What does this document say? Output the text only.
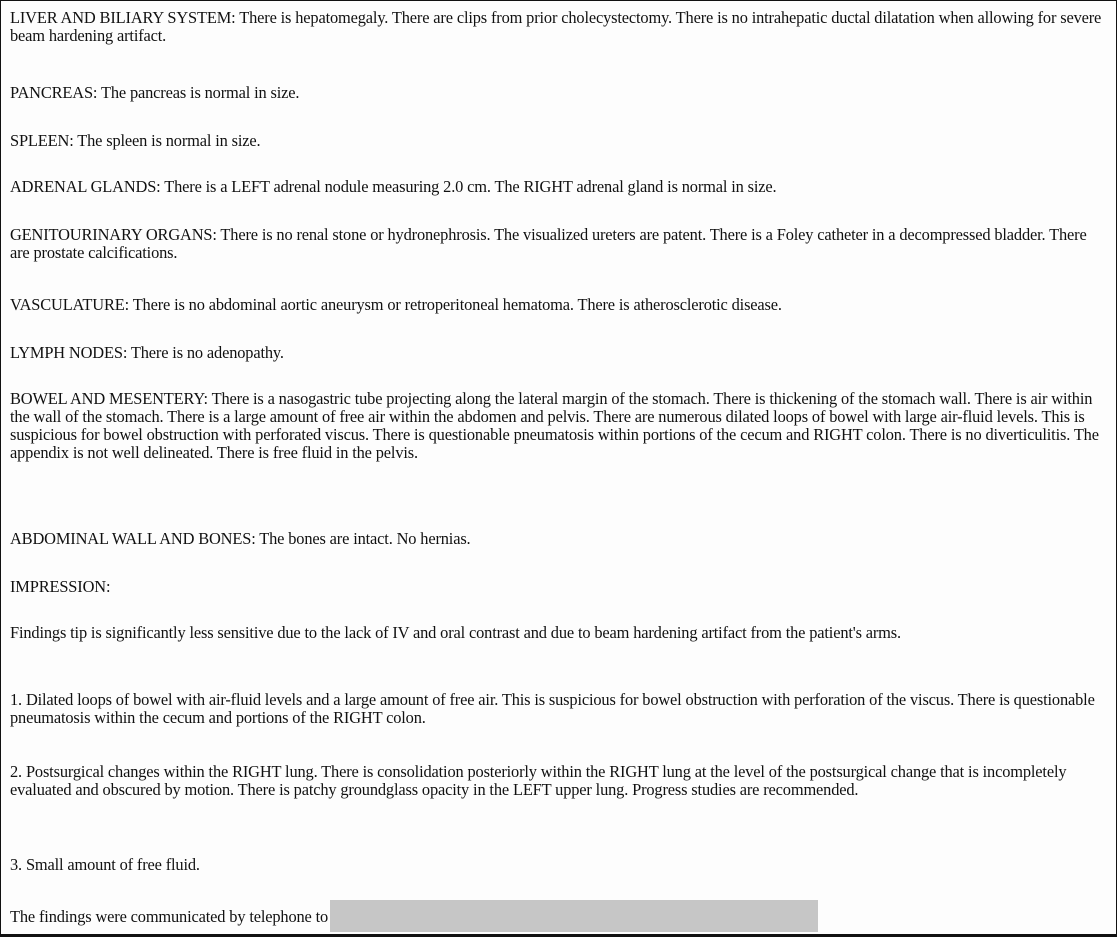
LIVER AND BILIARY SYSTEM: There is hepatomegaly. There are clips from prior cholecystectomy. There is no intrahepatic ductal dilatation when allowing for severe beam hardening artifact.

PANCREAS: The pancreas is normal in size.

SPLEEN: The spleen is normal in size.

ADRENAL GLANDS: There is a LEFT adrenal nodule measuring 2.0 cm. The RIGHT adrenal gland is normal in size.

GENITOURINARY ORGANS: There is no renal stone or hydronephrosis. The visualized ureters are patent. There is a Foley catheter in a decompressed bladder. There are prostate calcifications.

VASCULATURE: There is no abdominal aortic aneurysm or retroperitoneal hematoma. There is atherosclerotic disease.

LYMPH NODES: There is no adenopathy.

BOWEL AND MESENTERY: There is a nasogastric tube projecting along the lateral margin of the stomach. There is thickening of the stomach wall. There is air within the wall of the stomach. There is a large amount of free air within the abdomen and pelvis. There are numerous dilated loops of bowel with large air-fluid levels. This is suspicious for bowel obstruction with perforated viscus. There is questionable pneumatosis within portions of the cecum and RIGHT colon. There is no diverticulitis. The appendix is not well delineated. There is free fluid in the pelvis.

ABDOMINAL WALL AND BONES: The bones are intact. No hernias.

IMPRESSION:

Findings tip is significantly less sensitive due to the lack of IV and oral contrast and due to beam hardening artifact from the patient's arms.

1. Dilated loops of bowel with air-fluid levels and a large amount of free air. This is suspicious for bowel obstruction with perforation of the viscus. There is questionable pneumatosis within the cecum and portions of the RIGHT colon.

2. Postsurgical changes within the RIGHT lung. There is consolidation posteriorly within the RIGHT lung at the level of the postsurgical change that is incompletely evaluated and obscured by motion. There is patchy groundglass opacity in the LEFT upper lung. Progress studies are recommended.

3. Small amount of free fluid.

The findings were communicated by telephone to
